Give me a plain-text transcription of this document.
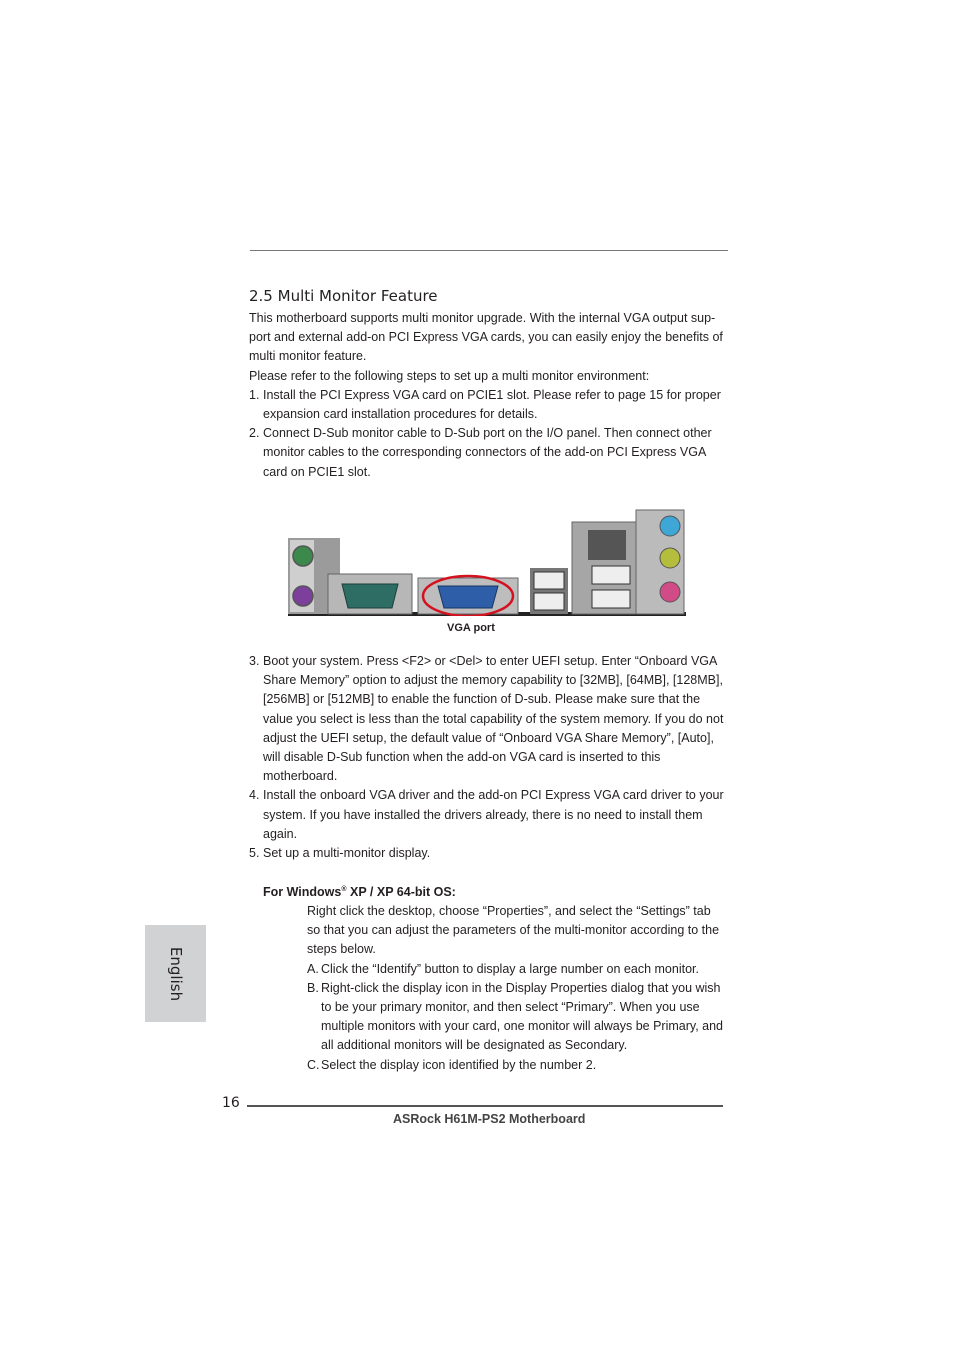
2.5 Multi Monitor Feature

This motherboard supports multi monitor upgrade. With the internal VGA output sup-port and external add-on PCI Express VGA cards, you can easily enjoy the benefits of multi monitor feature.

Please refer to the following steps to set up a multi monitor environment:

1. Install the PCI Express VGA card on PCIE1 slot. Please refer to page 15 for proper expansion card installation procedures for details.
2. Connect D-Sub monitor cable to D-Sub port on the I/O panel. Then connect other monitor cables to the corresponding connectors of the add-on PCI Express VGA card on PCIE1 slot.
VGA port
3. Boot your system. Press <F2> or <Del> to enter UEFI setup. Enter “Onboard VGA Share Memory” option to adjust the memory capability to [32MB], [64MB], [128MB], [256MB] or [512MB] to enable the function of D-sub. Please make sure that the value you select is less than the total capability of the system memory. If you do not adjust the UEFI setup, the default value of “Onboard VGA Share Memory”, [Auto], will disable D-Sub function when the add-on VGA card is inserted to this motherboard.
4. Install the onboard VGA driver and the add-on PCI Express VGA card driver to your system. If you have installed the drivers already, there is no need to install them again.
5. Set up a multi-monitor display.
For Windows® XP / XP 64-bit OS:

Right click the desktop, choose “Properties”, and select the “Settings” tab so that you can adjust the parameters of the multi-monitor according to the steps below.

A. Click the “Identify” button to display a large number on each monitor.
B. Right-click the display icon in the Display Properties dialog that you wish to be your primary monitor, and then select “Primary”. When you use multiple monitors with your card, one monitor will always be Primary, and all additional monitors will be designated as Secondary.
C. Select the display icon identified by the number 2.
English
16
ASRock H61M-PS2 Motherboard
